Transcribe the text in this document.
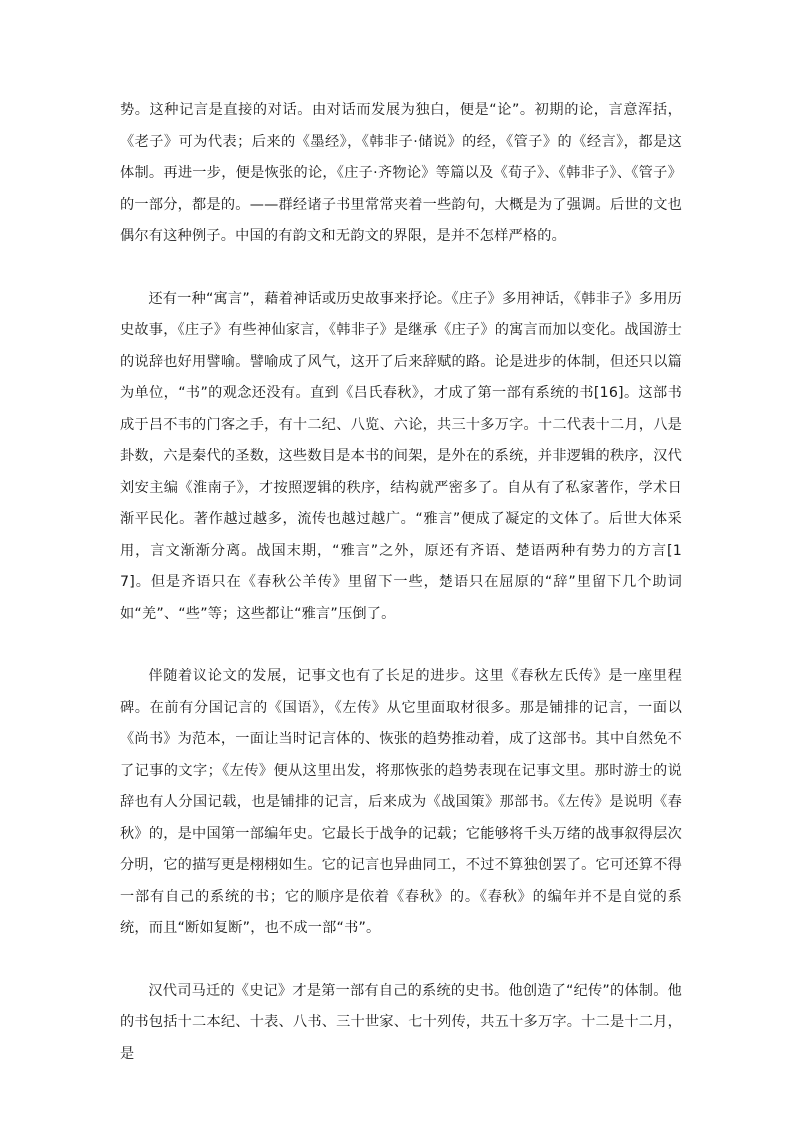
势。这种记言是直接的对话。由对话而发展为独白，便是“论”。初期的论，言意浑括，《老子》可为代表；后来的《墨经》，《韩非子·储说》的经，《管子》的《经言》，都是这体制。再进一步，便是恢张的论，《庄子·齐物论》等篇以及《荀子》、《韩非子》、《管子》的一部分，都是的。——群经诸子书里常常夹着一些韵句，大概是为了强调。后世的文也偶尔有这种例子。中国的有韵文和无韵文的界限，是并不怎样严格的。

还有一种“寓言”，藉着神话或历史故事来抒论。《庄子》多用神话，《韩非子》多用历史故事，《庄子》有些神仙家言，《韩非子》是继承《庄子》的寓言而加以变化。战国游士的说辞也好用譬喻。譬喻成了风气，这开了后来辞赋的路。论是进步的体制，但还只以篇为单位，“书”的观念还没有。直到《吕氏春秋》，才成了第一部有系统的书[16]。这部书成于吕不韦的门客之手，有十二纪、八览、六论，共三十多万字。十二代表十二月，八是卦数，六是秦代的圣数，这些数目是本书的间架，是外在的系统，并非逻辑的秩序，汉代刘安主编《淮南子》，才按照逻辑的秩序，结构就严密多了。自从有了私家著作，学术日渐平民化。著作越过越多，流传也越过越广。“雅言”便成了凝定的文体了。后世大体采用，言文渐渐分离。战国末期，“雅言”之外，原还有齐语、楚语两种有势力的方言[17]。但是齐语只在《春秋公羊传》里留下一些，楚语只在屈原的“辞”里留下几个助词如“羌”、“些”等；这些都让“雅言”压倒了。

伴随着议论文的发展，记事文也有了长足的进步。这里《春秋左氏传》是一座里程碑。在前有分国记言的《国语》，《左传》从它里面取材很多。那是铺排的记言，一面以《尚书》为范本，一面让当时记言体的、恢张的趋势推动着，成了这部书。其中自然免不了记事的文字；《左传》便从这里出发，将那恢张的趋势表现在记事文里。那时游士的说辞也有人分国记载，也是铺排的记言，后来成为《战国策》那部书。《左传》是说明《春秋》的，是中国第一部编年史。它最长于战争的记载；它能够将千头万绪的战事叙得层次分明，它的描写更是栩栩如生。它的记言也异曲同工，不过不算独创罢了。它可还算不得一部有自己的系统的书；它的顺序是依着《春秋》的。《春秋》的编年并不是自觉的系统，而且“断如复断”，也不成一部“书”。

汉代司马迁的《史记》才是第一部有自己的系统的史书。他创造了“纪传”的体制。他的书包括十二本纪、十表、八书、三十世家、七十列传，共五十多万字。十二是十二月，是
